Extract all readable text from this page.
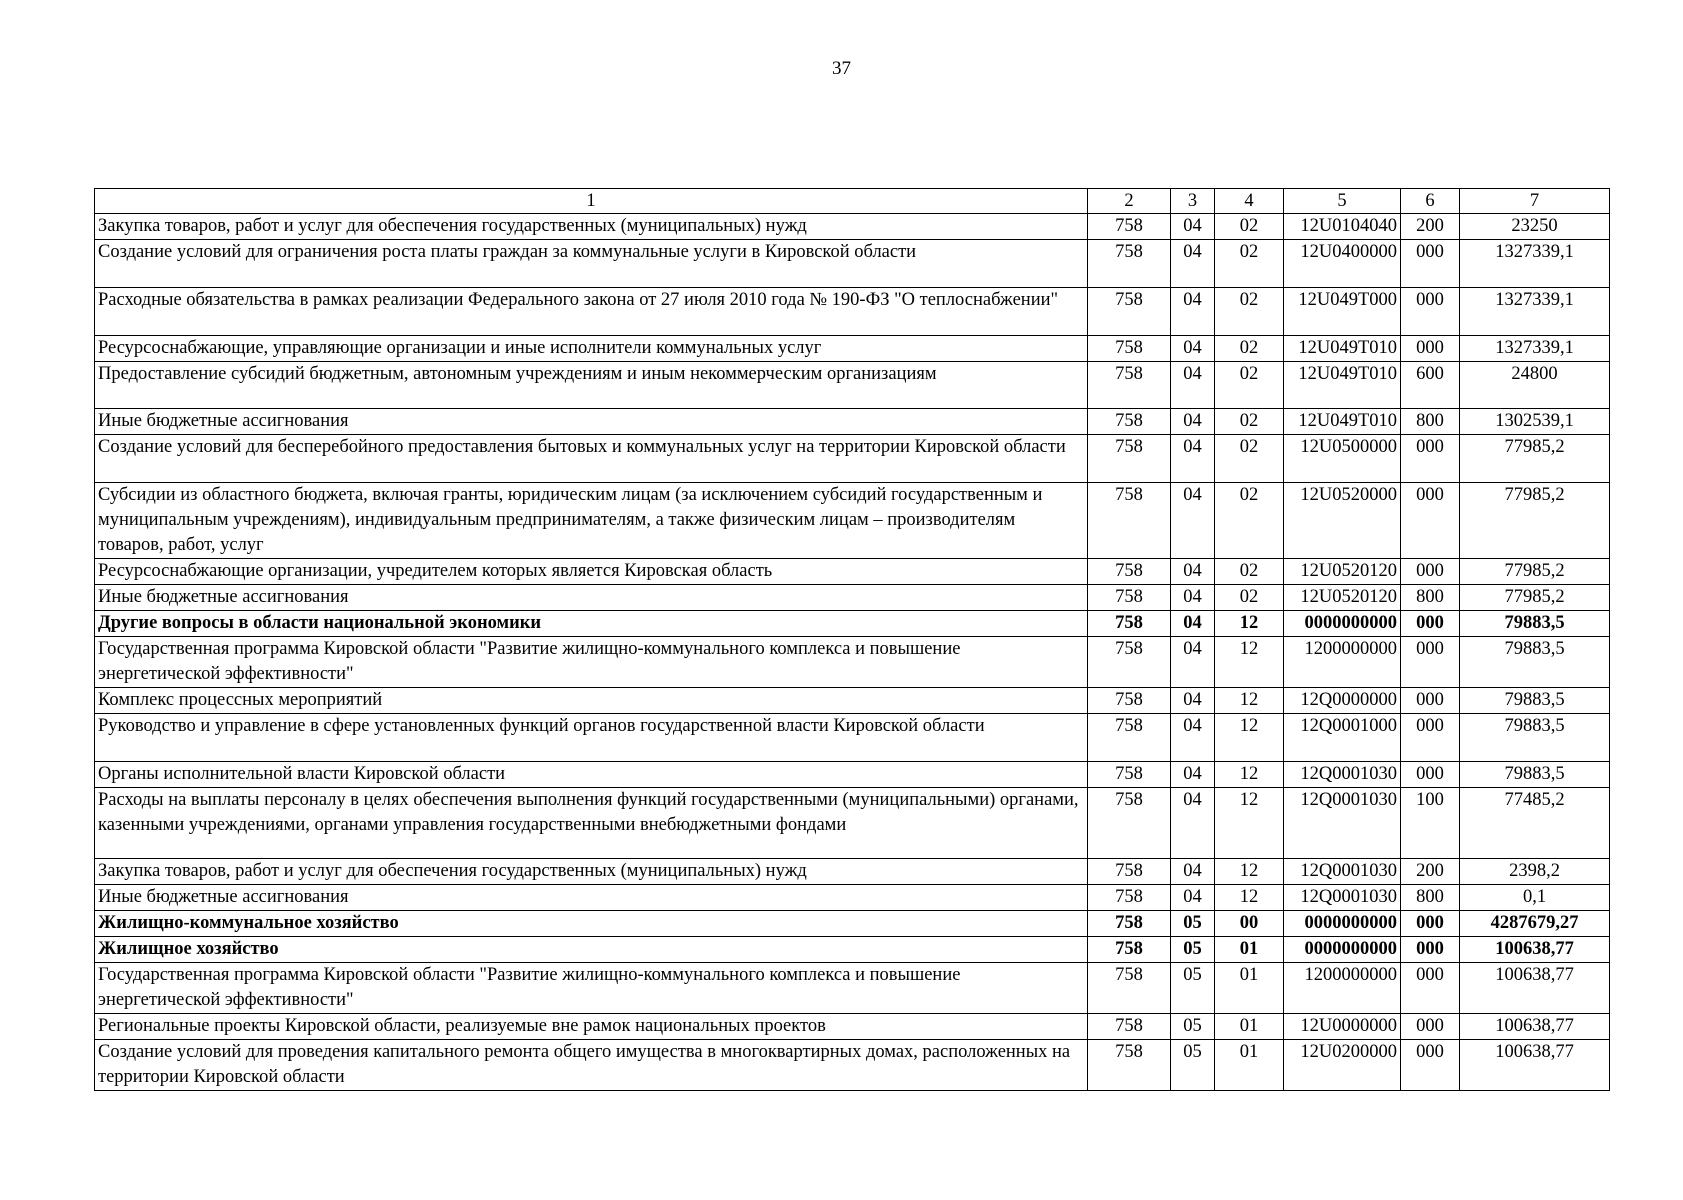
37
1	2	3	4	5	6	7
Закупка товаров, работ и услуг для обеспечения государственных (муниципальных) нужд	758	04	02	12U0104040	200	23250
Создание условий для ограничения роста платы граждан за коммунальные услуги в Кировской области	758	04	02	12U0400000	000	1327339,1
Расходные обязательства в рамках реализации Федерального закона от 27 июля 2010 года № 190-ФЗ "О теплоснабжении"	758	04	02	12U049T000	000	1327339,1
Ресурсоснабжающие, управляющие организации и иные исполнители коммунальных услуг	758	04	02	12U049T010	000	1327339,1
Предоставление субсидий бюджетным, автономным учреждениям и иным некоммерческим организациям	758	04	02	12U049T010	600	24800
Иные бюджетные ассигнования	758	04	02	12U049T010	800	1302539,1
Создание условий для бесперебойного предоставления бытовых и коммунальных услуг на территории Кировской области	758	04	02	12U0500000	000	77985,2
Субсидии из областного бюджета, включая гранты, юридическим лицам (за исключением субсидий государственным и муниципальным учреждениям), индивидуальным предпринимателям, а также физическим лицам – производителям товаров, работ, услуг	758	04	02	12U0520000	000	77985,2
Ресурсоснабжающие организации, учредителем которых является Кировская область	758	04	02	12U0520120	000	77985,2
Иные бюджетные ассигнования	758	04	02	12U0520120	800	77985,2
Другие вопросы в области национальной экономики	758	04	12	0000000000	000	79883,5
Государственная программа Кировской области "Развитие жилищно-коммунального комплекса и повышение энергетической эффективности"	758	04	12	1200000000	000	79883,5
Комплекс процессных мероприятий	758	04	12	12Q0000000	000	79883,5
Руководство и управление в сфере установленных функций органов государственной власти Кировской области	758	04	12	12Q0001000	000	79883,5
Органы исполнительной власти Кировской области	758	04	12	12Q0001030	000	79883,5
Расходы на выплаты персоналу в целях обеспечения выполнения функций государственными (муниципальными) органами, казенными учреждениями, органами управления государственными внебюджетными фондами	758	04	12	12Q0001030	100	77485,2
Закупка товаров, работ и услуг для обеспечения государственных (муниципальных) нужд	758	04	12	12Q0001030	200	2398,2
Иные бюджетные ассигнования	758	04	12	12Q0001030	800	0,1
Жилищно-коммунальное хозяйство	758	05	00	0000000000	000	4287679,27
Жилищное хозяйство	758	05	01	0000000000	000	100638,77
Государственная программа Кировской области "Развитие жилищно-коммунального комплекса и повышение энергетической эффективности"	758	05	01	1200000000	000	100638,77
Региональные проекты Кировской области, реализуемые вне рамок национальных проектов	758	05	01	12U0000000	000	100638,77
Создание условий для проведения капитального ремонта общего имущества в многоквартирных домах, расположенных на территории Кировской области	758	05	01	12U0200000	000	100638,77
